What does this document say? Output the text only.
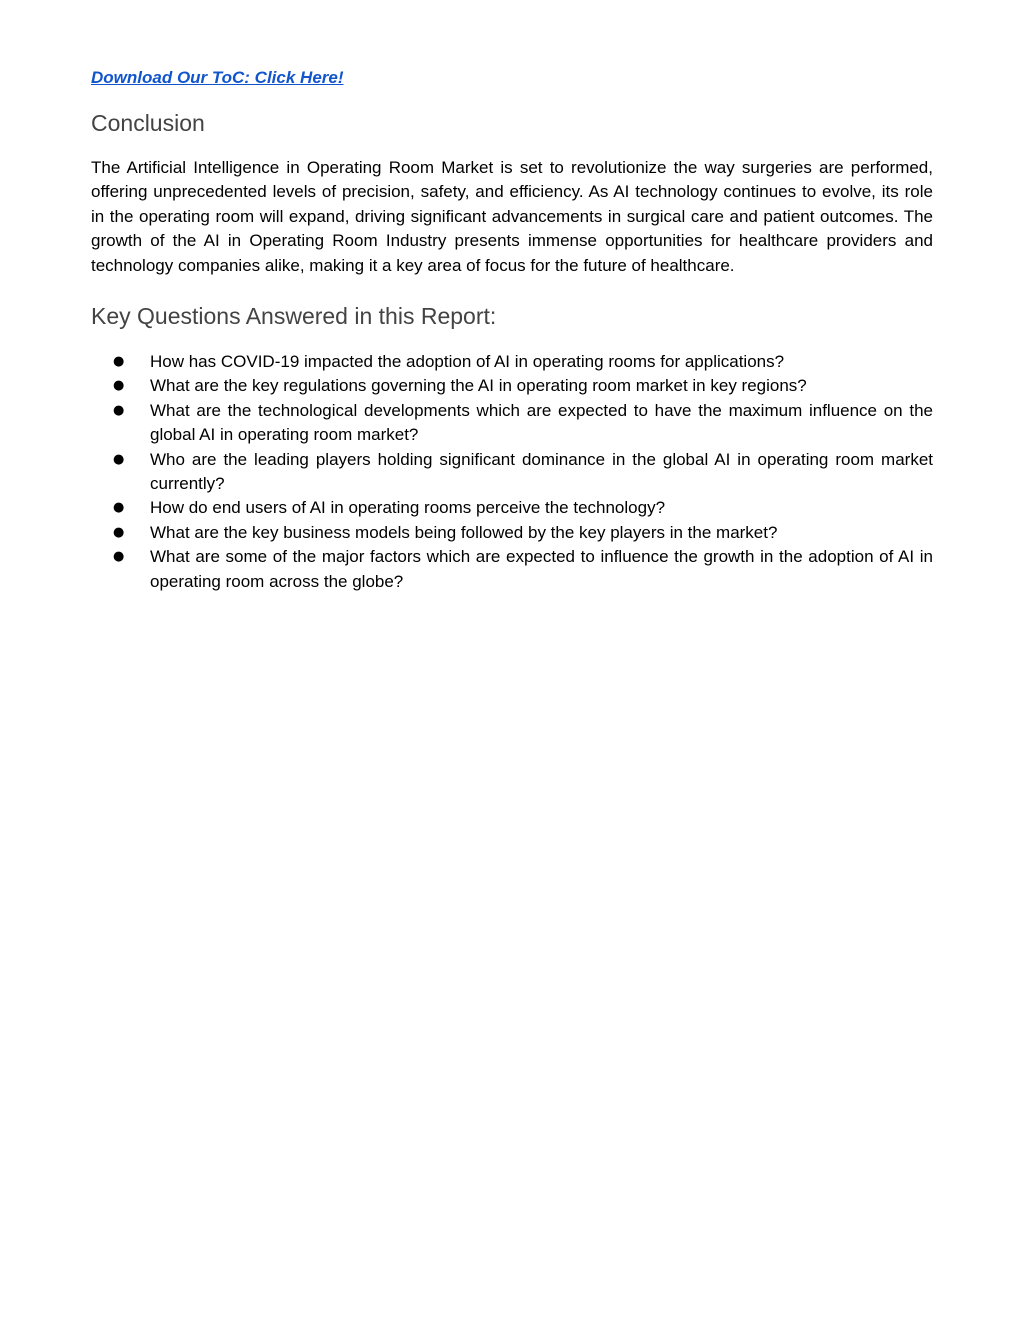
Download Our ToC: Click Here!
Conclusion

The Artificial Intelligence in Operating Room Market is set to revolutionize the way surgeries are performed, offering unprecedented levels of precision, safety, and efficiency. As AI technology continues to evolve, its role in the operating room will expand, driving significant advancements in surgical care and patient outcomes. The growth of the AI in Operating Room Industry presents immense opportunities for healthcare providers and technology companies alike, making it a key area of focus for the future of healthcare.

Key Questions Answered in this Report:
● How has COVID-19 impacted the adoption of AI in operating rooms for applications?
● What are the key regulations governing the AI in operating room market in key regions?
● What are the technological developments which are expected to have the maximum influence on the global AI in operating room market?
● Who are the leading players holding significant dominance in the global AI in operating room market currently?
● How do end users of AI in operating rooms perceive the technology?
● What are the key business models being followed by the key players in the market?
● What are some of the major factors which are expected to influence the growth in the adoption of AI in operating room across the globe?
